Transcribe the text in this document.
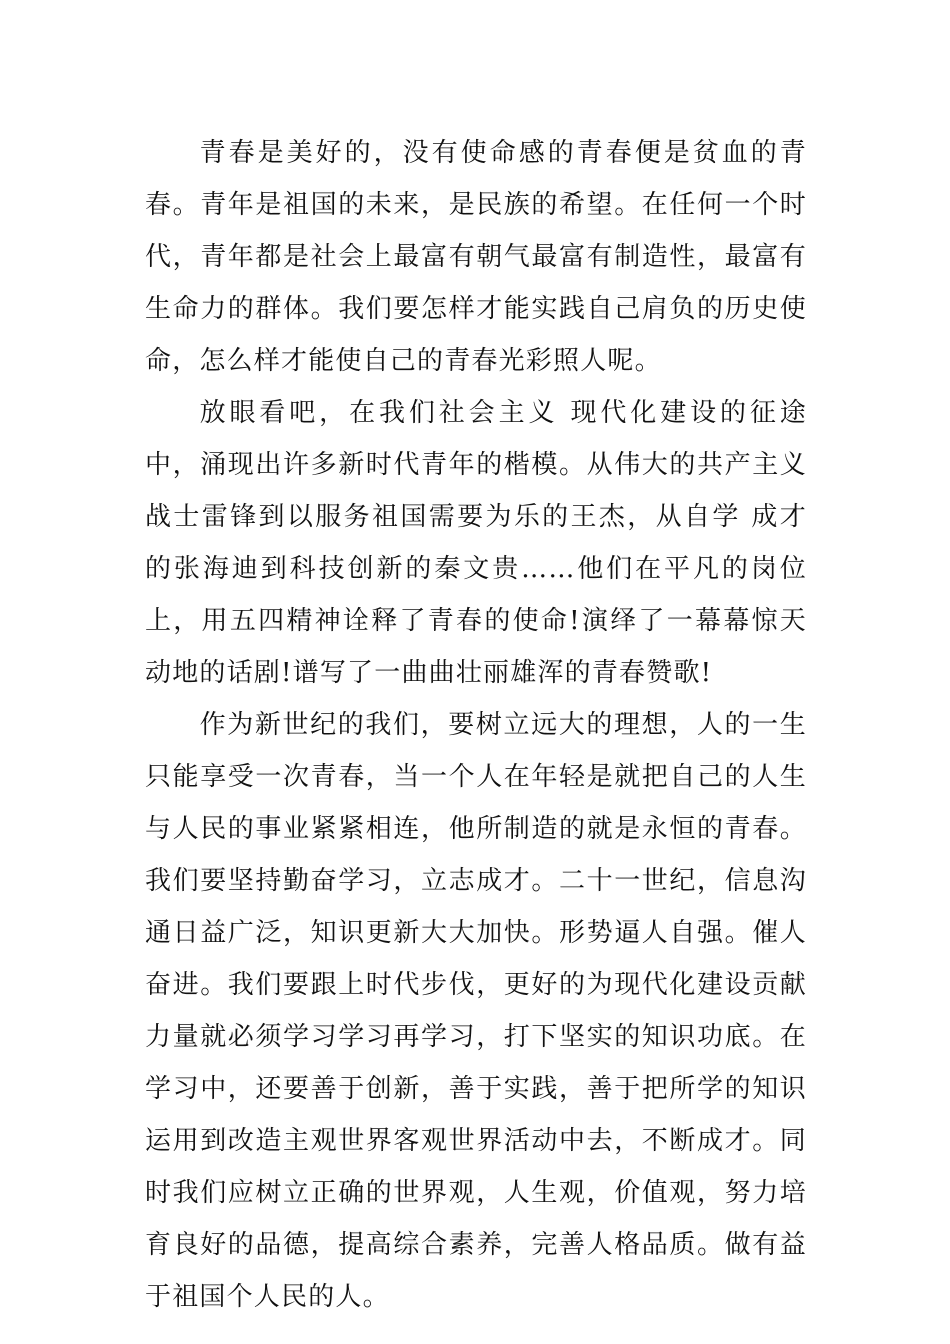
青春是美好的，没有使命感的青春便是贫血的青春。青年是祖国的未来，是民族的希望。在任何一个时代，青年都是社会上最富有朝气最富有制造性，最富有生命力的群体。我们要怎样才能实践自己肩负的历史使命，怎么样才能使自己的青春光彩照人呢。

放眼看吧，在我们社会主义 现代化建设的征途中，涌现出许多新时代青年的楷模。从伟大的共产主义战士雷锋到以服务祖国需要为乐的王杰，从自学 成才的张海迪到科技创新的秦文贵……他们在平凡的岗位上，用五四精神诠释了青春的使命!演绎了一幕幕惊天动地的话剧!谱写了一曲曲壮丽雄浑的青春赞歌!

作为新世纪的我们，要树立远大的理想，人的一生只能享受一次青春，当一个人在年轻是就把自己的人生与人民的事业紧紧相连，他所制造的就是永恒的青春。我们要坚持勤奋学习，立志成才。二十一世纪，信息沟通日益广泛，知识更新大大加快。形势逼人自强。催人奋进。我们要跟上时代步伐，更好的为现代化建设贡献力量就必须学习学习再学习，打下坚实的知识功底。在学习中，还要善于创新，善于实践，善于把所学的知识运用到改造主观世界客观世界活动中去，不断成才。同时我们应树立正确的世界观，人生观，价值观，努力培育良好的品德，提高综合素养，完善人格品质。做有益于祖国个人民的人。
